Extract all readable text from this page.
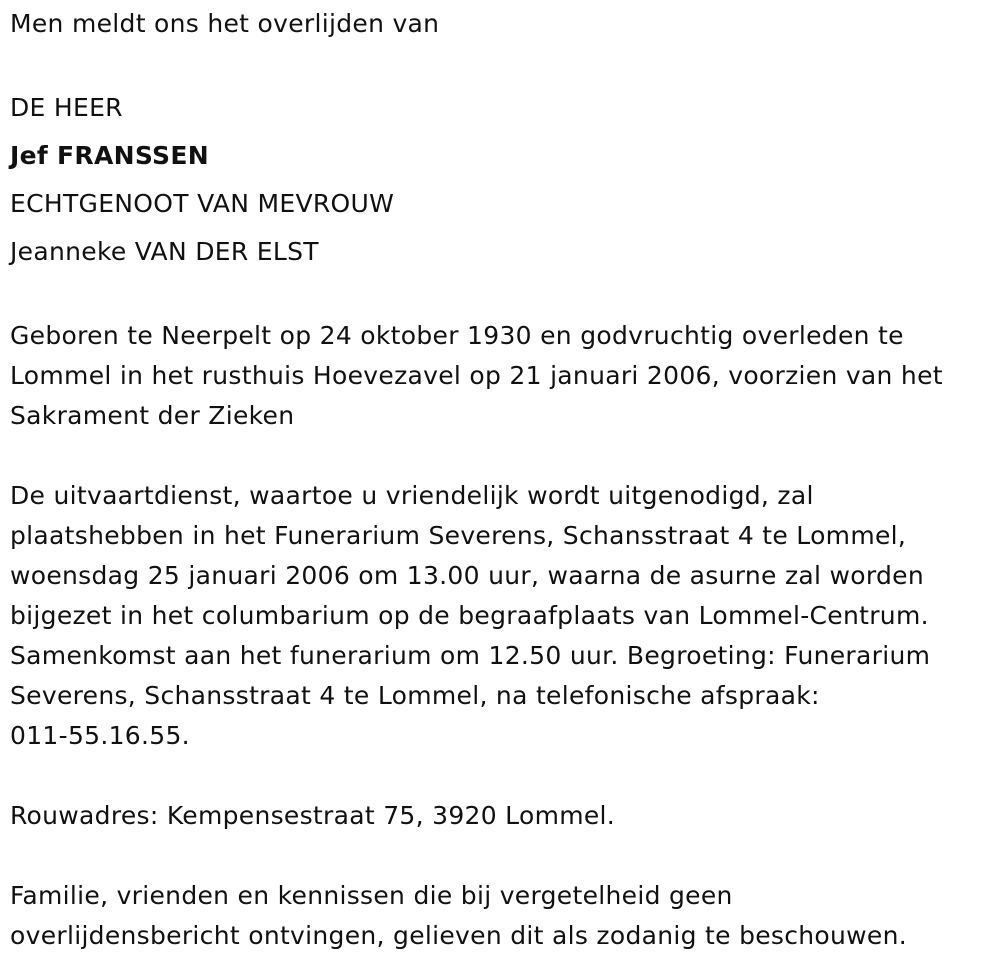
Men meldt ons het overlijden van

DE HEER

Jef FRANSSEN

ECHTGENOOT VAN MEVROUW

Jeanneke VAN DER ELST

Geboren te Neerpelt op 24 oktober 1930 en godvruchtig overleden te

Lommel in het rusthuis Hoevezavel op 21 januari 2006, voorzien van het

Sakrament der Zieken

De uitvaartdienst, waartoe u vriendelijk wordt uitgenodigd, zal

plaatshebben in het Funerarium Severens, Schansstraat 4 te Lommel,

woensdag 25 januari 2006 om 13.00 uur, waarna de asurne zal worden

bijgezet in het columbarium op de begraafplaats van Lommel-Centrum.

Samenkomst aan het funerarium om 12.50 uur. Begroeting: Funerarium

Severens, Schansstraat 4 te Lommel, na telefonische afspraak:

011-55.16.55.

Rouwadres: Kempensestraat 75, 3920 Lommel.

Familie, vrienden en kennissen die bij vergetelheid geen

overlijdensbericht ontvingen, gelieven dit als zodanig te beschouwen.
